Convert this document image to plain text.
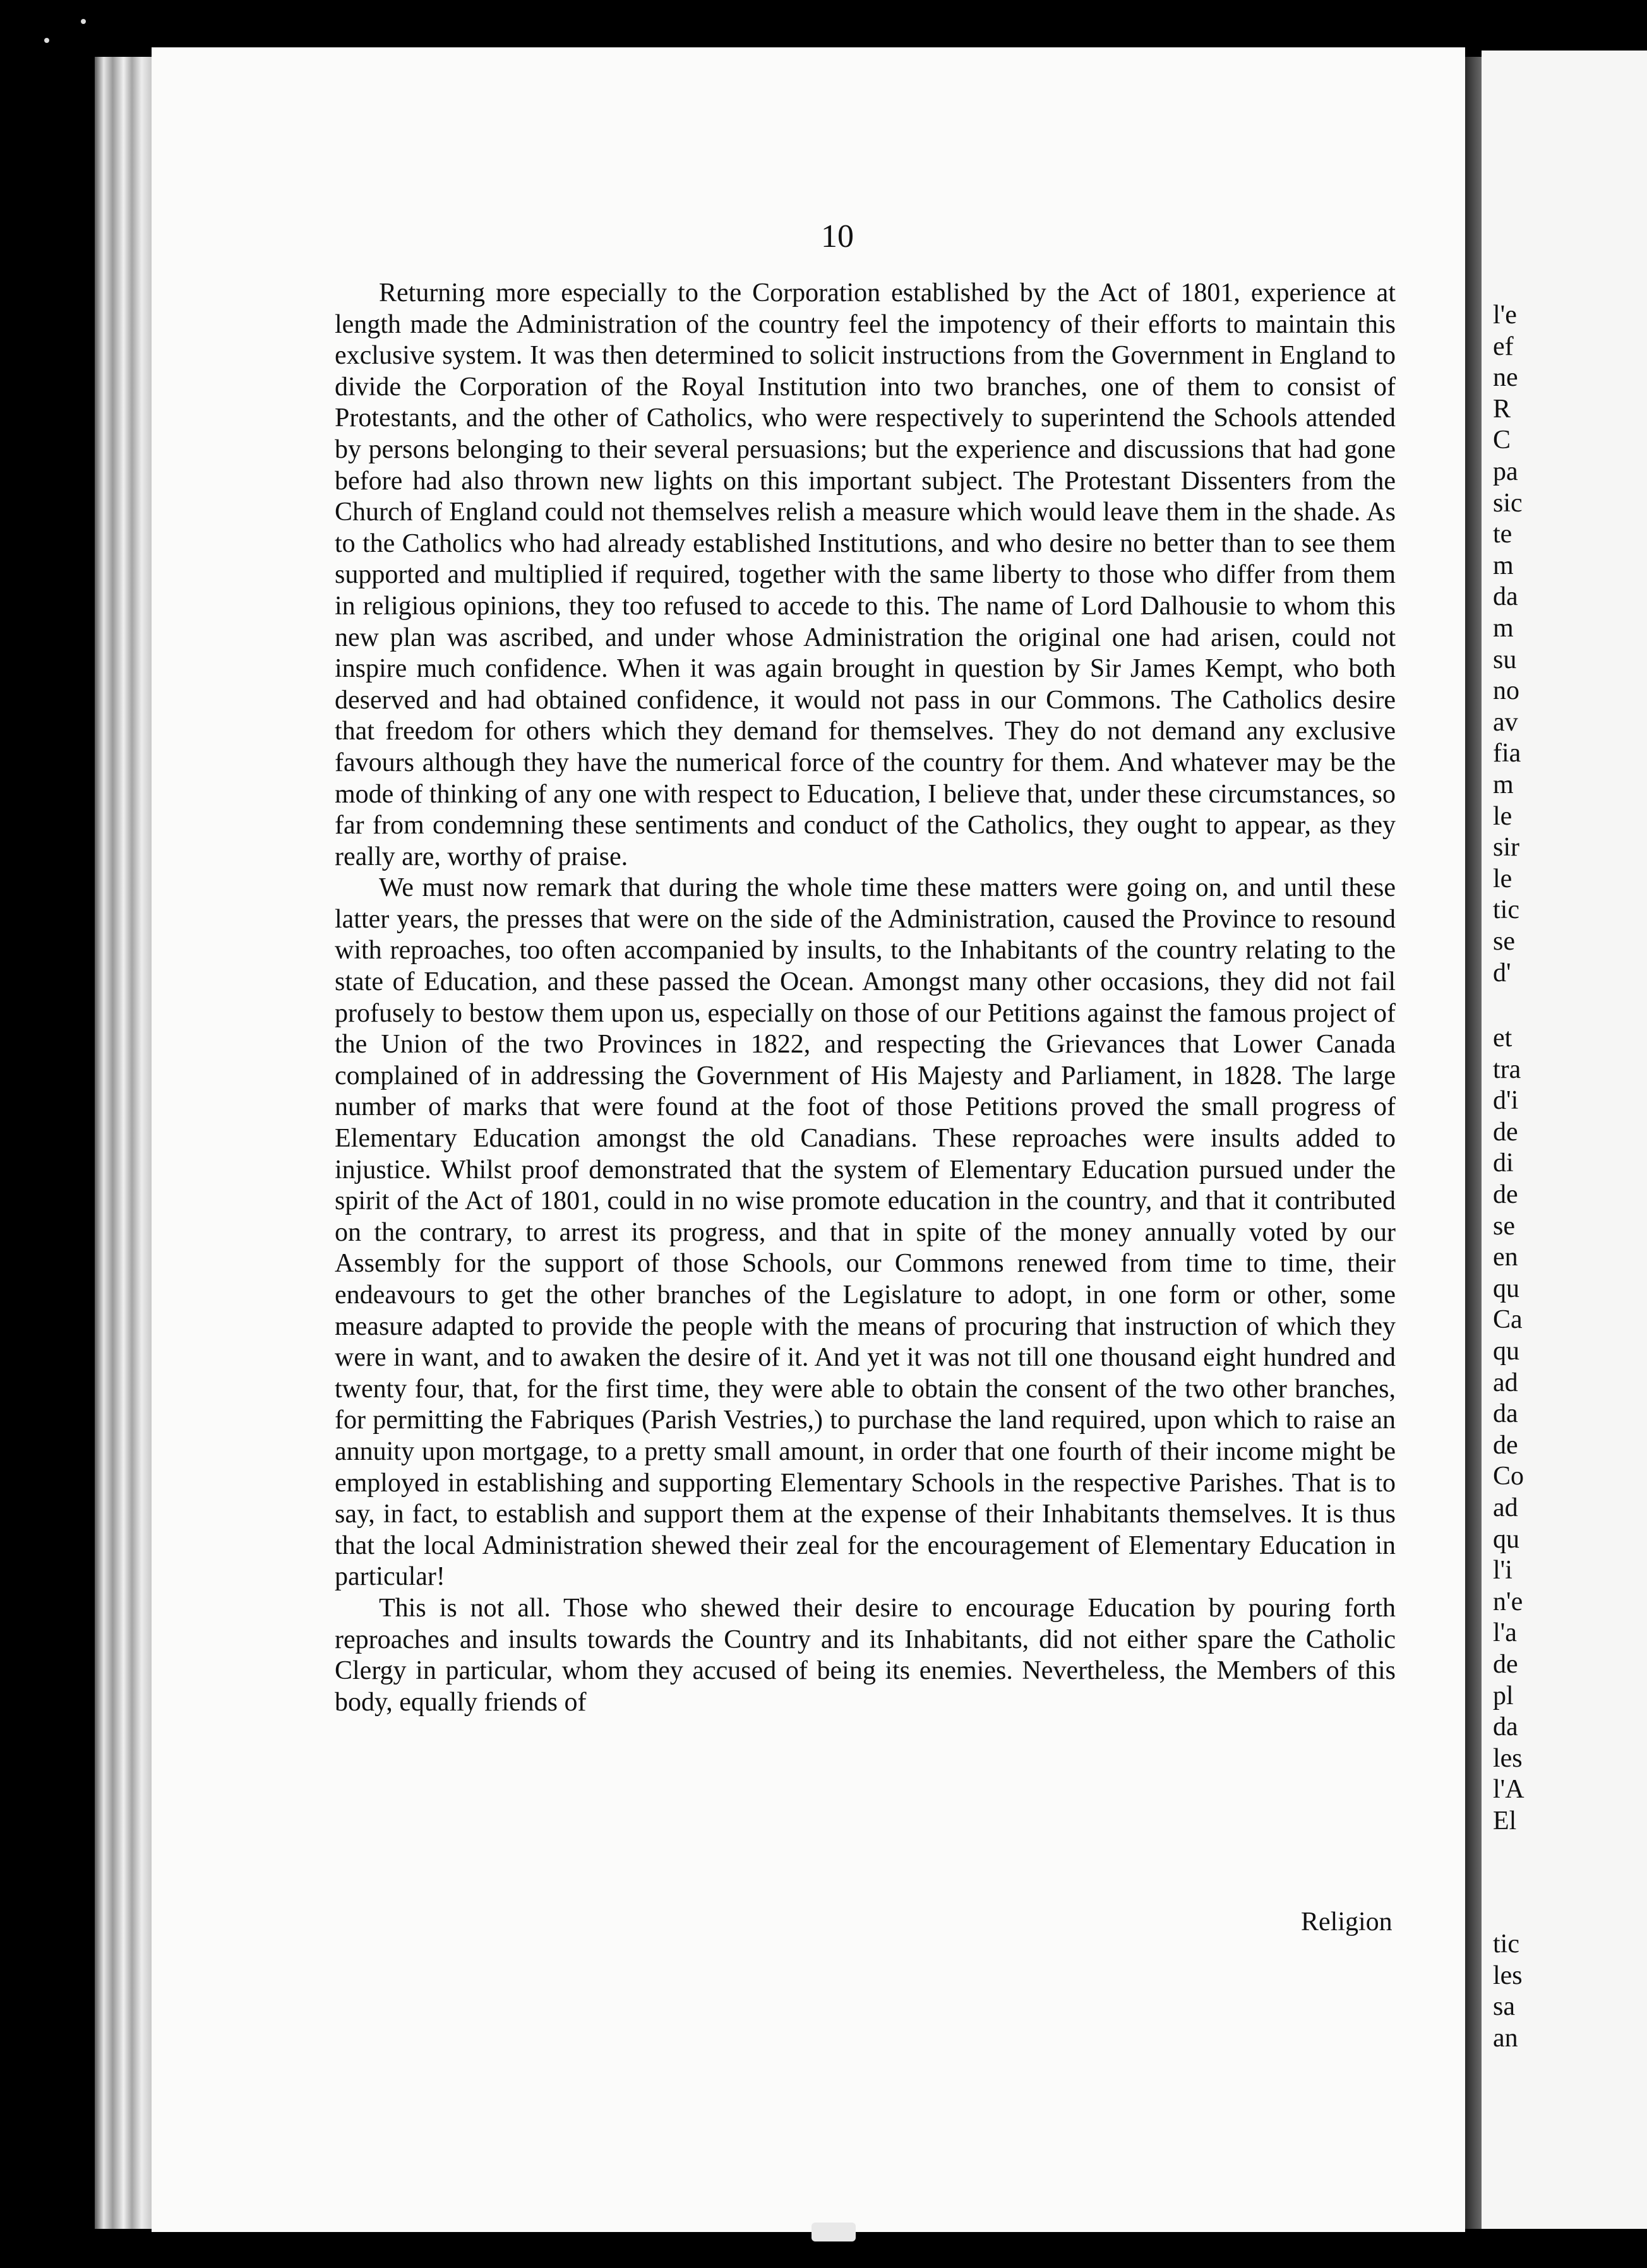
10

Returning more especially to the Corporation established by the Act of 1801, experience at length made the Administration of the country feel the impotency of their efforts to maintain this exclusive system. It was then determined to solicit instructions from the Government in England to divide the Corporation of the Royal Institution into two branches, one of them to consist of Protestants, and the other of Catholics, who were respectively to superintend the Schools attended by persons belonging to their several persuasions; but the experience and discussions that had gone before had also thrown new lights on this important subject. The Protestant Dissenters from the Church of England could not themselves relish a measure which would leave them in the shade. As to the Catholics who had already established Institutions, and who desire no better than to see them supported and multiplied if required, together with the same liberty to those who differ from them in religious opinions, they too refused to accede to this. The name of Lord Dalhousie to whom this new plan was ascribed, and under whose Administration the original one had arisen, could not inspire much confidence. When it was again brought in question by Sir James Kempt, who both deserved and had obtained confidence, it would not pass in our Commons. The Catholics desire that freedom for others which they demand for themselves. They do not demand any exclusive favours although they have the numerical force of the country for them. And whatever may be the mode of thinking of any one with respect to Education, I believe that, under these circumstances, so far from condemning these sentiments and conduct of the Catholics, they ought to appear, as they really are, worthy of praise.

We must now remark that during the whole time these matters were going on, and until these latter years, the presses that were on the side of the Administration, caused the Province to resound with reproaches, too often accompanied by insults, to the Inhabitants of the country relating to the state of Education, and these passed the Ocean. Amongst many other occasions, they did not fail profusely to bestow them upon us, especially on those of our Petitions against the famous project of the Union of the two Provinces in 1822, and respecting the Grievances that Lower Canada complained of in addressing the Government of His Majesty and Parliament, in 1828. The large number of marks that were found at the foot of those Petitions proved the small progress of Elementary Education amongst the old Canadians. These reproaches were insults added to injustice. Whilst proof demonstrated that the system of Elementary Education pursued under the spirit of the Act of 1801, could in no wise promote education in the country, and that it contributed on the contrary, to arrest its progress, and that in spite of the money annually voted by our Assembly for the support of those Schools, our Commons renewed from time to time, their endeavours to get the other branches of the Legislature to adopt, in one form or other, some measure adapted to provide the people with the means of procuring that instruction of which they were in want, and to awaken the desire of it. And yet it was not till one thousand eight hundred and twenty four, that, for the first time, they were able to obtain the consent of the two other branches, for permitting the Fabriques (Parish Vestries,) to purchase the land required, upon which to raise an annuity upon mortgage, to a pretty small amount, in order that one fourth of their income might be employed in establishing and supporting Elementary Schools in the respective Parishes. That is to say, in fact, to establish and support them at the expense of their Inhabitants themselves. It is thus that the local Administration shewed their zeal for the encouragement of Elementary Education in particular!

This is not all. Those who shewed their desire to encourage Education by pouring forth reproaches and insults towards the Country and its Inhabitants, did not either spare the Catholic Clergy in particular, whom they accused of being its enemies. Nevertheless, the Members of this body, equally friends of

Religion
l'e
ef
ne
R
C
pa
sic
te
m
da
m
su
no
av
fia
m
le
sir
le
tic
se
d'
et
tra
d'i
de
di
de
se
en
qu
Ca
qu
ad
da
de
Co
ad
qu
l'i
n'e
l'a
de
pl
da
les
l'A
El
tic
les
sa
an
